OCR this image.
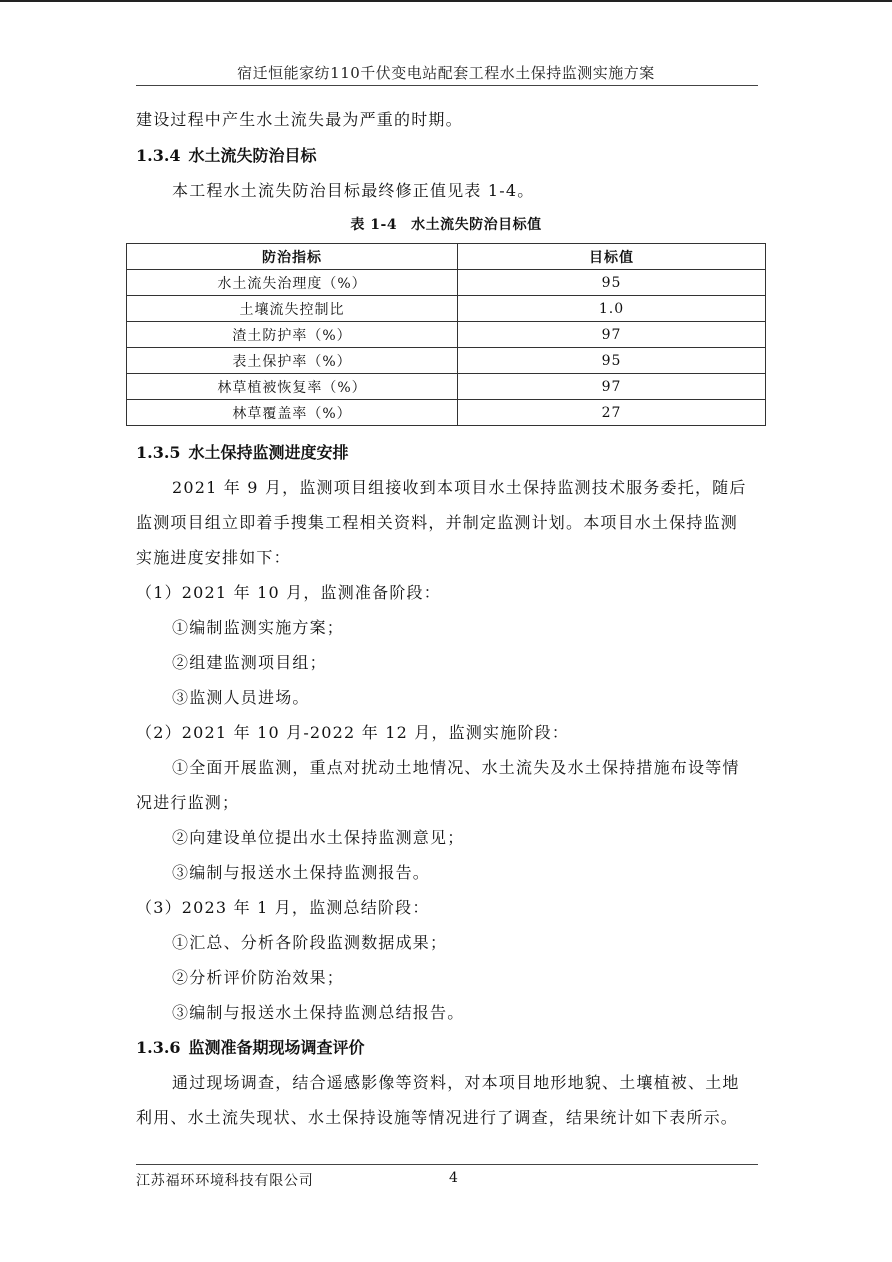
宿迁恒能家纺110千伏变电站配套工程水土保持监测实施方案
建设过程中产生水土流失最为严重的时期。
1.3.4 水土流失防治目标
本工程水土流失防治目标最终修正值见表 1-4。
表 1-4 水土流失防治目标值
防治指标	目标值
水土流失治理度（%）	95
土壤流失控制比	1.0
渣土防护率（%）	97
表土保护率（%）	95
林草植被恢复率（%）	97
林草覆盖率（%）	27
1.3.5 水土保持监测进度安排
2021 年 9 月，监测项目组接收到本项目水土保持监测技术服务委托，随后
监测项目组立即着手搜集工程相关资料，并制定监测计划。本项目水土保持监测
实施进度安排如下：
（1）2021 年 10 月，监测准备阶段：
①编制监测实施方案；
②组建监测项目组；
③监测人员进场。
（2）2021 年 10 月-2022 年 12 月，监测实施阶段：
①全面开展监测，重点对扰动土地情况、水土流失及水土保持措施布设等情
况进行监测；
②向建设单位提出水土保持监测意见；
③编制与报送水土保持监测报告。
（3）2023 年 1 月，监测总结阶段：
①汇总、分析各阶段监测数据成果；
②分析评价防治效果；
③编制与报送水土保持监测总结报告。
1.3.6 监测准备期现场调查评价
通过现场调查，结合遥感影像等资料，对本项目地形地貌、土壤植被、土地
利用、水土流失现状、水土保持设施等情况进行了调查，结果统计如下表所示。
江苏福环环境科技有限公司	4
